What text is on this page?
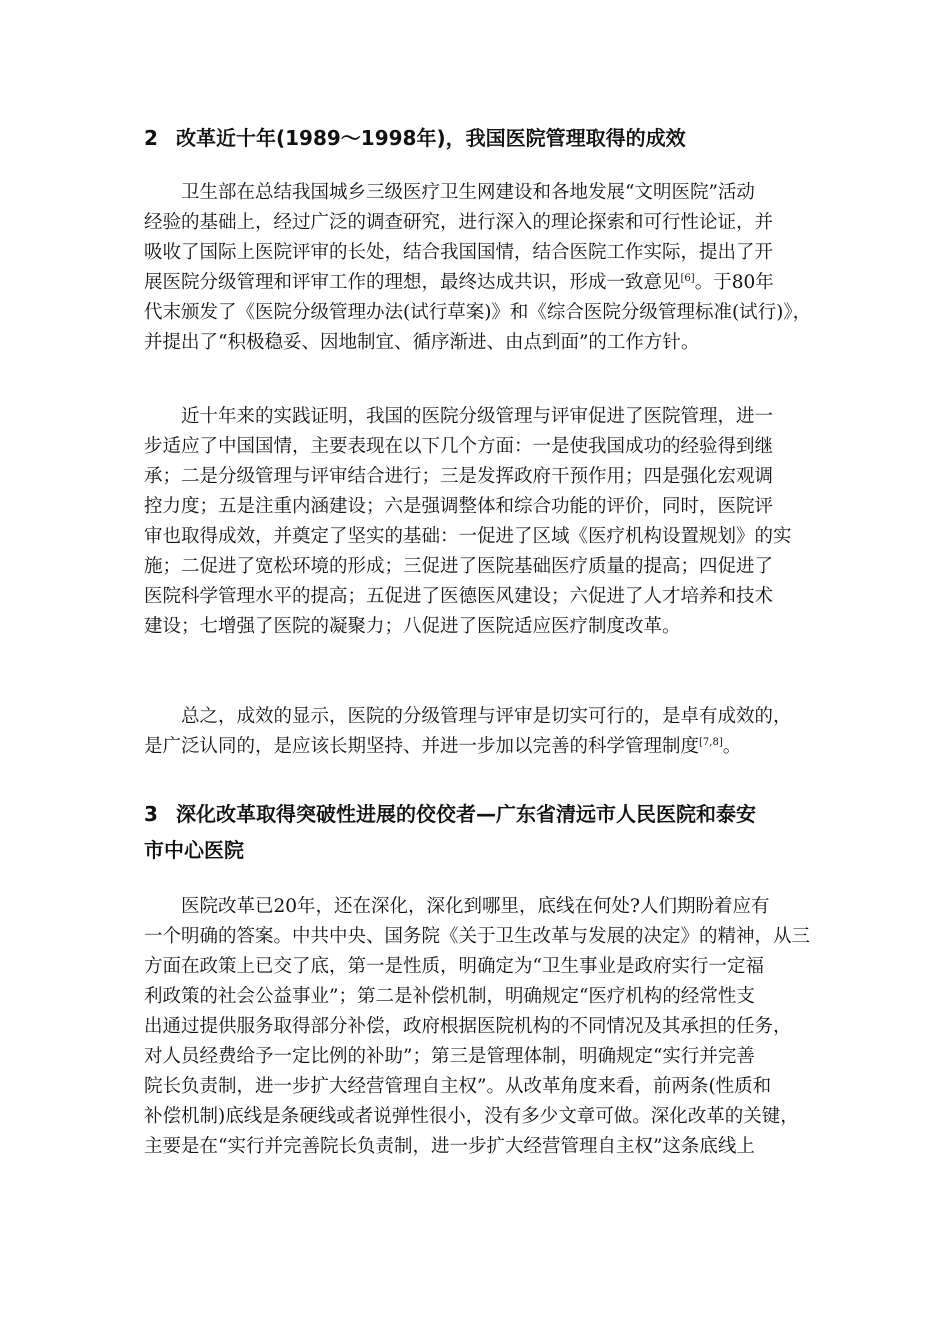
2 改革近十年(1989～1998年)，我国医院管理取得的成效
卫生部在总结我国城乡三级医疗卫生网建设和各地发展“文明医院”活动
经验的基础上，经过广泛的调查研究，进行深入的理论探索和可行性论证，并
吸收了国际上医院评审的长处，结合我国国情，结合医院工作实际，提出了开
展医院分级管理和评审工作的理想，最终达成共识，形成一致意见[6]。于80年
代末颁发了《医院分级管理办法(试行草案)》和《综合医院分级管理标准(试行)》，
并提出了“积极稳妥、因地制宜、循序渐进、由点到面”的工作方针。
近十年来的实践证明，我国的医院分级管理与评审促进了医院管理，进一
步适应了中国国情，主要表现在以下几个方面：一是使我国成功的经验得到继
承；二是分级管理与评审结合进行；三是发挥政府干预作用；四是强化宏观调
控力度；五是注重内涵建设；六是强调整体和综合功能的评价，同时，医院评
审也取得成效，并奠定了坚实的基础：一促进了区域《医疗机构设置规划》的实
施；二促进了宽松环境的形成；三促进了医院基础医疗质量的提高；四促进了
医院科学管理水平的提高；五促进了医德医风建设；六促进了人才培养和技术
建设；七增强了医院的凝聚力；八促进了医院适应医疗制度改革。
总之，成效的显示，医院的分级管理与评审是切实可行的，是卓有成效的，
是广泛认同的，是应该长期坚持、并进一步加以完善的科学管理制度[7,8]。
3 深化改革取得突破性进展的佼佼者—广东省清远市人民医院和泰安
市中心医院
医院改革已20年，还在深化，深化到哪里，底线在何处?人们期盼着应有
一个明确的答案。中共中央、国务院《关于卫生改革与发展的决定》的精神，从三
方面在政策上已交了底，第一是性质，明确定为“卫生事业是政府实行一定福
利政策的社会公益事业”；第二是补偿机制，明确规定“医疗机构的经常性支
出通过提供服务取得部分补偿，政府根据医院机构的不同情况及其承担的任务，
对人员经费给予一定比例的补助”；第三是管理体制，明确规定“实行并完善
院长负责制，进一步扩大经营管理自主权”。从改革角度来看，前两条(性质和
补偿机制)底线是条硬线或者说弹性很小，没有多少文章可做。深化改革的关键，
主要是在“实行并完善院长负责制，进一步扩大经营管理自主权”这条底线上
